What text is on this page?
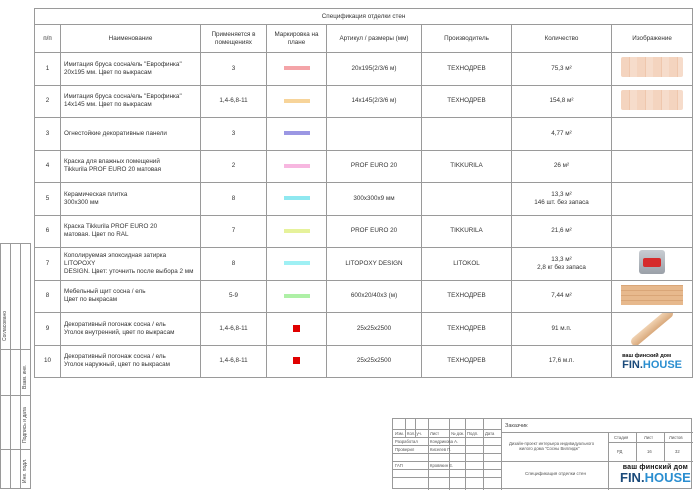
Спецификация отделки стен							
п/п	Наименование	Применяется в помещениях	Маркировка на плане	Артикул / размеры (мм)	Производитель	Количество	Изображение
1	Имитация бруса сосна/ель "Еврофинка"
20х195 мм. Цвет по выкрасам	3		20х195(2/3/6 м)	ТЕХНОДРЕВ	75,3 м²

2	Имитация бруса сосна/ель "Еврофинка"
14х145 мм. Цвет по выкрасам	1,4-6,8-11		14х145(2/3/6 м)	ТЕХНОДРЕВ	154,8 м²

3	Огнестойкие декоративные панели	3				4,77 м²

4	Краска для влажных помещений
Tikkurila PROF EURO 20 матовая	2		PROF EURO 20	TIKKURILA	26 м²

5	Керамическая плитка
300х300 мм	8		300х300х9 мм		13,3 м²
146 шт. без запаса	
6	Краска Tikkurila PROF EURO 20
матовая. Цвет по RAL	7		PROF EURO 20	TIKKURILA	21,6 м²

7	Кополируемая эпоксидная затирка LITOPOXY
DESIGN. Цвет: уточнить после выбора 2 мм	8		LITOPOXY DESIGN	LITOKOL	13,3 м²
2,8 кг без запаса	
8	Мебельный щит сосна / ель
Цвет по выкрасам	5-9		600х20/40х3 (м)	ТЕХНОДРЕВ	7,44 м²

9	Декоративный погонаж сосна / ель
Уголок внутренний, цвет по выкрасам	1,4-6,8-11		25х25х2500	ТЕХНОДРЕВ	91 м.п.

10	Декоративный погонаж сосна / ель
Уголок наружный, цвет по выкрасам	1,4-6,8-11		25х25х2500	ТЕХНОДРЕВ	17,6 м.п.	ваш финский дом
FIN.HOUSE
Согласовано
Взам. инв.
Подпись и дата
Инв. подл.
Изм. Кол. уч. Лист	№ док. Подп. Дата
Разработал	Кондрикова А.
Проверил	Киселев П.
ГАП	Кровякин Е.
Заказчик
Дизайн-проект интерьера индивидуального
жилого дома "Сосны Виллидж"
Спецификация отделки стен
Стадия	Лист	Листов
РД	16	32
ваш финский дом
FIN.HOUSE
